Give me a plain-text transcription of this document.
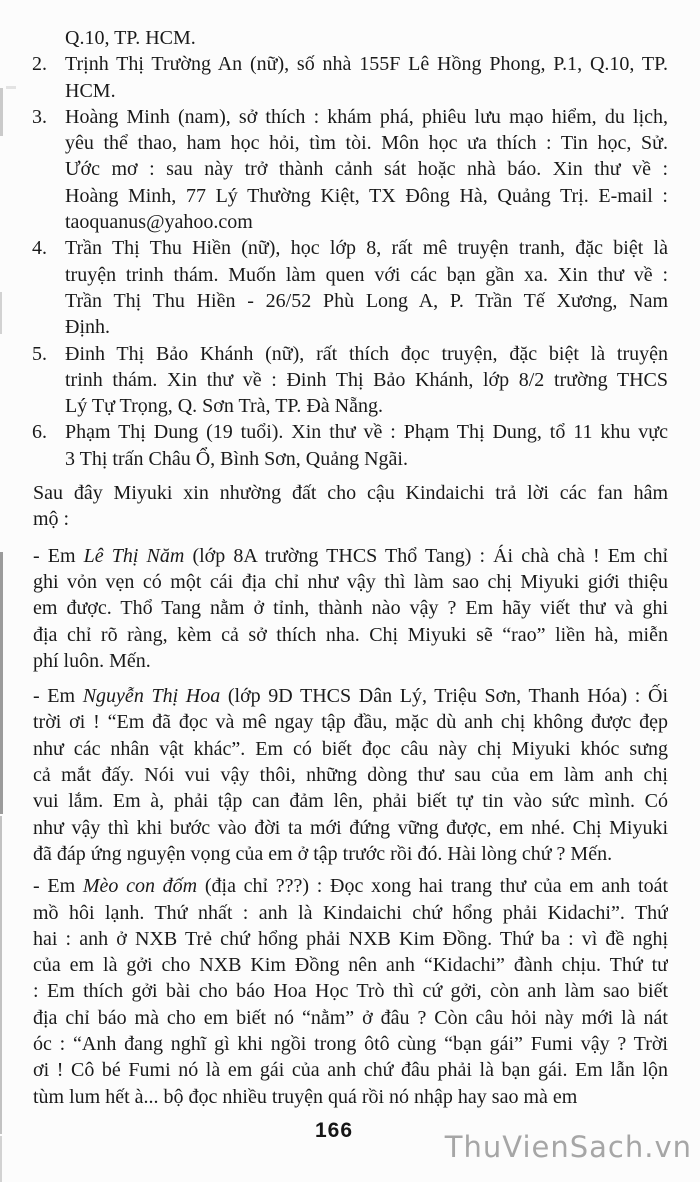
Q.10, TP. HCM.
2. Trịnh Thị Trường An (nữ), số nhà 155F Lê Hồng Phong, P.1, Q.10, TP.
HCM.
3. Hoàng Minh (nam), sở thích : khám phá, phiêu lưu mạo hiểm, du lịch,
yêu thể thao, ham học hỏi, tìm tòi. Môn học ưa thích : Tin học, Sử.
Ước mơ : sau này trở thành cảnh sát hoặc nhà báo. Xin thư về :
Hoàng Minh, 77 Lý Thường Kiệt, TX Đông Hà, Quảng Trị. E-mail :
taoquanus@yahoo.com
4. Trần Thị Thu Hiền (nữ), học lớp 8, rất mê truyện tranh, đặc biệt là
truyện trinh thám. Muốn làm quen với các bạn gần xa. Xin thư về :
Trần Thị Thu Hiền - 26/52 Phù Long A, P. Trần Tế Xương, Nam
Định.
5. Đinh Thị Bảo Khánh (nữ), rất thích đọc truyện, đặc biệt là truyện
trinh thám. Xin thư về : Đinh Thị Bảo Khánh, lớp 8/2 trường THCS
Lý Tự Trọng, Q. Sơn Trà, TP. Đà Nẵng.
6. Phạm Thị Dung (19 tuổi). Xin thư về : Phạm Thị Dung, tổ 11 khu vực
3 Thị trấn Châu Ổ, Bình Sơn, Quảng Ngãi.
Sau đây Miyuki xin nhường đất cho cậu Kindaichi trả lời các fan hâm
mộ :
- Em Lê Thị Năm (lớp 8A trường THCS Thổ Tang) : Ái chà chà ! Em chỉ
ghi vỏn vẹn có một cái địa chỉ như vậy thì làm sao chị Miyuki giới thiệu
em được. Thổ Tang nằm ở tỉnh, thành nào vậy ? Em hãy viết thư và ghi
địa chỉ rõ ràng, kèm cả sở thích nha. Chị Miyuki sẽ “rao” liền hà, miễn
phí luôn. Mến.
- Em Nguyễn Thị Hoa (lớp 9D THCS Dân Lý, Triệu Sơn, Thanh Hóa) : Ối
trời ơi ! “Em đã đọc và mê ngay tập đầu, mặc dù anh chị không được đẹp
như các nhân vật khác”. Em có biết đọc câu này chị Miyuki khóc sưng
cả mắt đấy. Nói vui vậy thôi, những dòng thư sau của em làm anh chị
vui lắm. Em à, phải tập can đảm lên, phải biết tự tin vào sức mình. Có
như vậy thì khi bước vào đời ta mới đứng vững được, em nhé. Chị Miyuki
đã đáp ứng nguyện vọng của em ở tập trước rồi đó. Hài lòng chứ ? Mến.
- Em Mèo con đốm (địa chỉ ???) : Đọc xong hai trang thư của em anh toát
mồ hôi lạnh. Thứ nhất : anh là Kindaichi chứ hổng phải Kidachi”. Thứ
hai : anh ở NXB Trẻ chứ hổng phải NXB Kim Đồng. Thứ ba : vì đề nghị
của em là gởi cho NXB Kim Đồng nên anh “Kidachi” đành chịu. Thứ tư
: Em thích gởi bài cho báo Hoa Học Trò thì cứ gởi, còn anh làm sao biết
địa chỉ báo mà cho em biết nó “nằm” ở đâu ? Còn câu hỏi này mới là nát
óc : “Anh đang nghĩ gì khi ngồi trong ôtô cùng “bạn gái” Fumi vậy ? Trời
ơi ! Cô bé Fumi nó là em gái của anh chứ đâu phải là bạn gái. Em lẫn lộn
tùm lum hết à... bộ đọc nhiều truyện quá rồi nó nhập hay sao mà em
166	ThuVienSach.vn
